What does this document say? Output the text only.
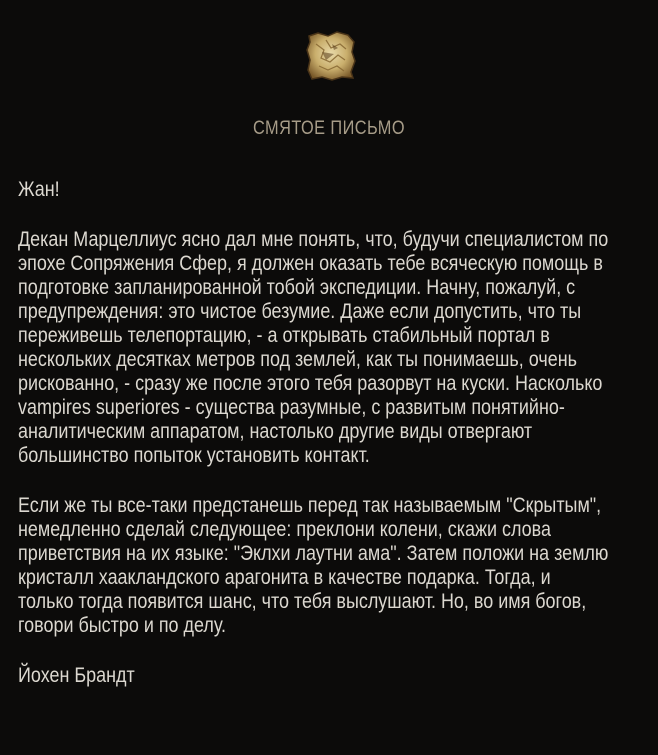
СМЯТОЕ ПИСЬМО
Жан!
Декан Марцеллиус ясно дал мне понять, что, будучи специалистом по
эпохе Сопряжения Сфер, я должен оказать тебе всяческую помощь в
подготовке запланированной тобой экспедиции. Начну, пожалуй, с
предупреждения: это чистое безумие. Даже если допустить, что ты
переживешь телепортацию, - а открывать стабильный портал в
нескольких десятках метров под землей, как ты понимаешь, очень
рискованно, - сразу же после этого тебя разорвут на куски. Насколько
vampires superiores - существа разумные, с развитым понятийно-
аналитическим аппаратом, настолько другие виды отвергают
большинство попыток установить контакт.
Если же ты все-таки предстанешь перед так называемым "Скрытым",
немедленно сделай следующее: преклони колени, скажи слова
приветствия на их языке: "Эклхи лаутни ама". Затем положи на землю
кристалл хааклaндского арагонита в качестве подарка. Тогда, и
только тогда появится шанс, что тебя выслушают. Но, во имя богов,
говори быстро и по делу.
Йохен Брандт
